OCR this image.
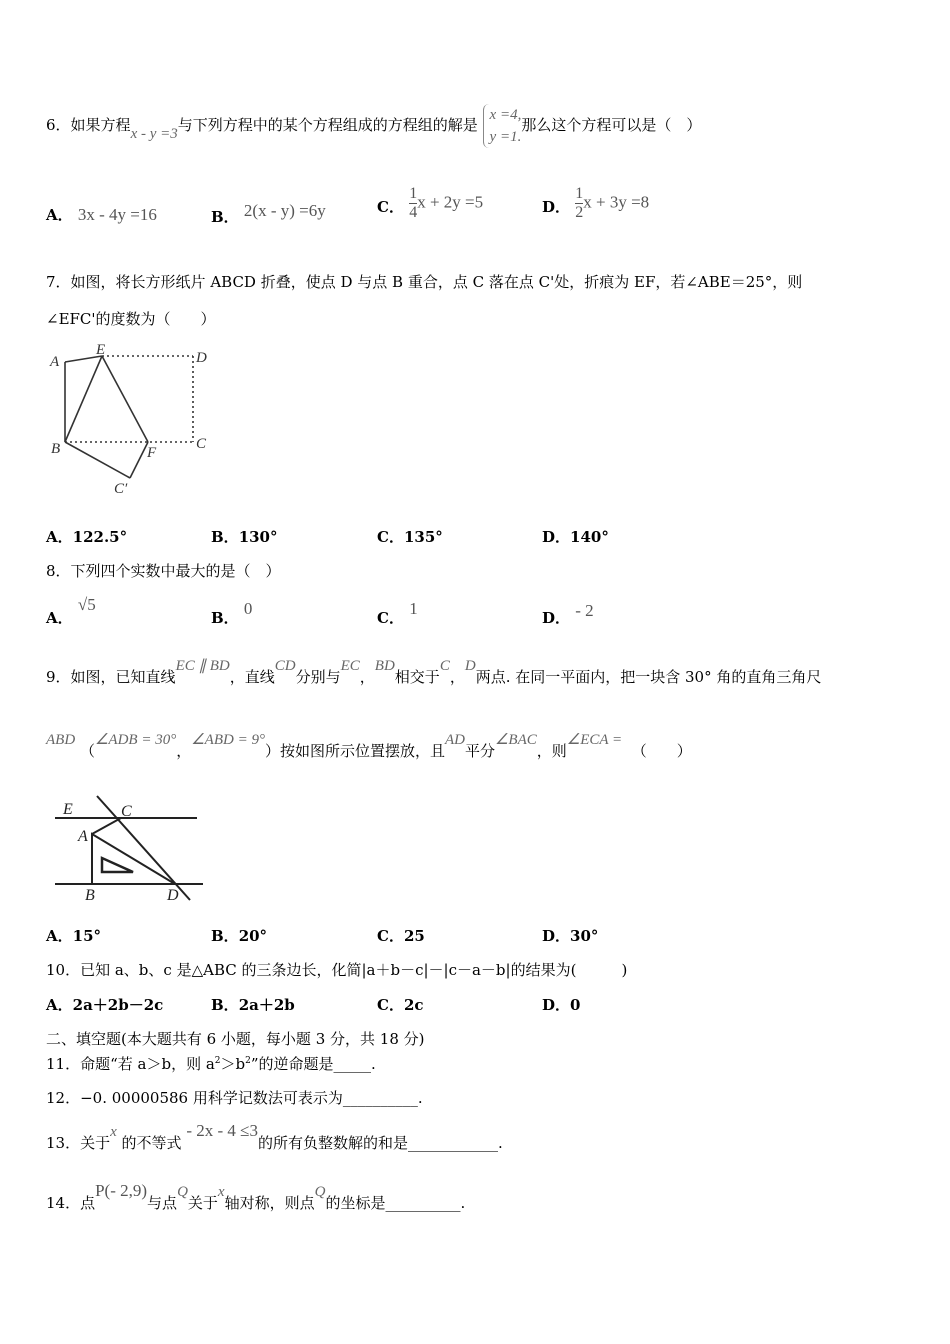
6．如果方程x - y =3与下列方程中的某个方程组成的方程组的解是
x =4,
y =1.
那么这个方程可以是（　）
A． 3x - 4y =16	B． 2(x - y) =6y	C． $\frac{1}{4}$ x + 2y =5	D． $\frac{1}{2}$ x + 3y =8
7．如图，将长方形纸片 ABCD 折叠，使点 D 与点 B 重合，点 C 落在点 C'处，折痕为 EF，若∠ABE＝25°，则
∠EFC'的度数为（　　）
A
E	D
B	F
C
C′
A．122.5°	B．130°	C．135°	D．140°
8．下列四个实数中最大的是（　）
A． √5
B． 0	C． 1	D． - 2
9．如图，已知直线EC ∥ BD，直线CD分别与EC，BD相交于C，D两点. 在同一平面内，把一块含 30° 角的直角三角尺
ABD （∠ADB = 30°，∠ABD = 9°）按如图所示位置摆放，且AD平分∠BAC，则∠ECA =  （　　）
E	C
A
B	D
A．15°	B．20°	C．25	D．30°
10．已知 a、b、c 是△ABC 的三条边长，化简|a＋b－c|－|c－a－b|的结果为(　　　)
A．2a＋2b－2c	B．2a＋2b	C．2c	D．0
二、填空题(本大题共有 6 小题，每小题 3 分，共 18 分)
11．命题“若 a＞b，则 $a^2>b^2$”的逆命题是_____.
12．−0. 00000586 用科学记数法可表示为__________.
13．关于x 的不等式 - 2x - 4 ≤3的所有负整数解的和是____________.
14．点P(- 2,9)与点Q关于x轴对称，则点Q的坐标是__________.
